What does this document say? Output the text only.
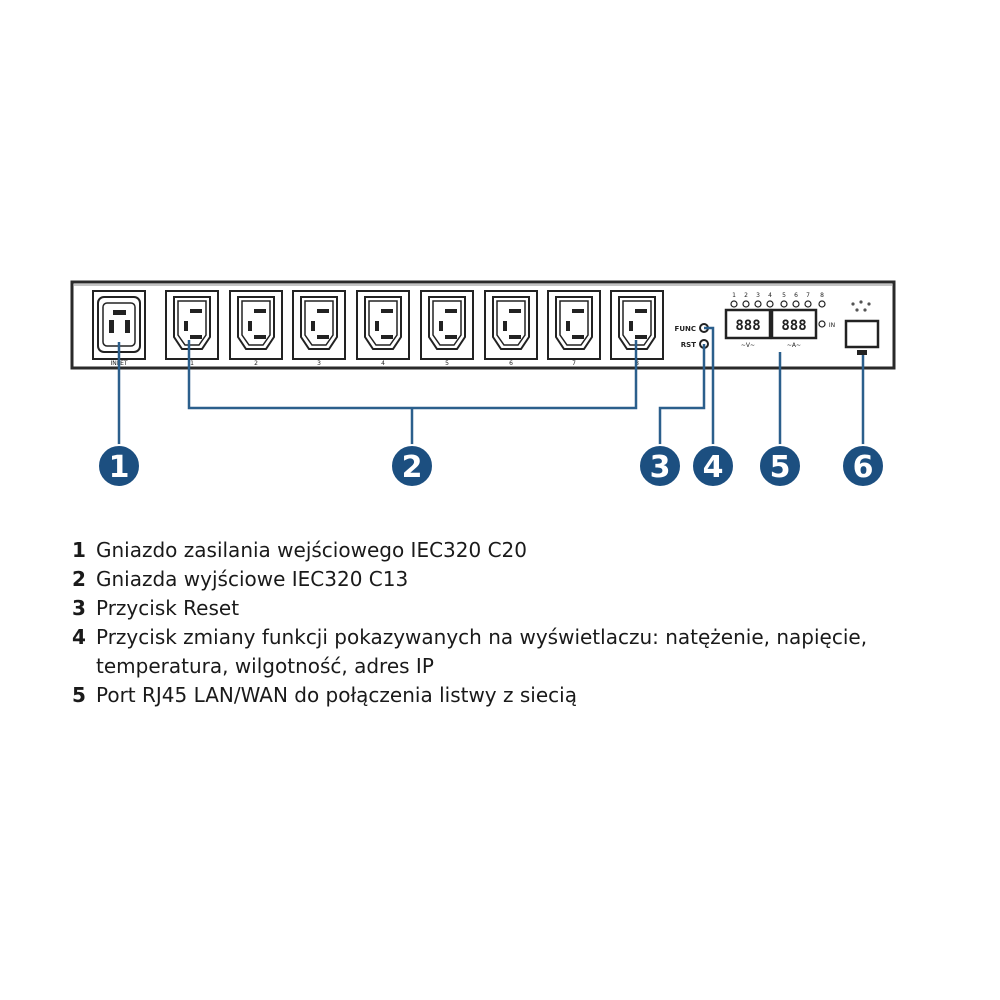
INLET	1	2	3	4	5	6	7	8
FUNC
RST
1 2 3 4 5 6 7 8
888 888	IN
~V~	~A~
1	2	3 4 5 6
1 Gniazdo zasilania wejściowego IEC320 C20
2 Gniazda wyjściowe IEC320 C13
3 Przycisk Reset
4 Przycisk zmiany funkcji pokazywanych na wyświetlaczu: natężenie, napięcie, temperatura, wilgotność, adres IP
5 Port RJ45 LAN/WAN do połączenia listwy z siecią
